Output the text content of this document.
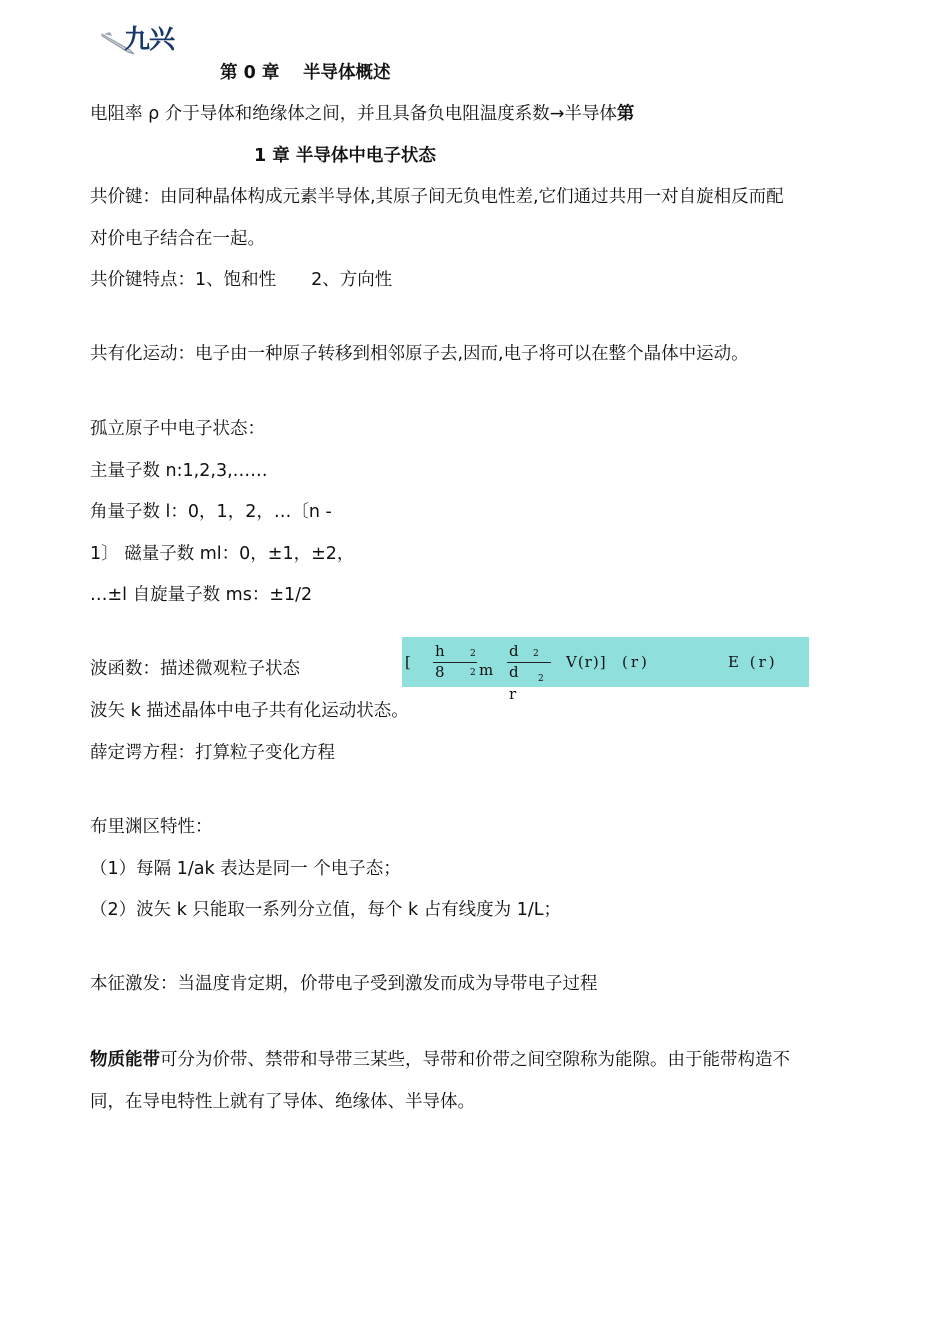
九兴
第 0 章　 半导体概述
电阻率 ρ 介于导体和绝缘体之间，并且具备负电阻温度系数→半导体第
1 章 半导体中电子状态
共价键：由同种晶体构成元素半导体,其原子间无负电性差,它们通过共用一对自旋相反而配
对价电子结合在一起。
共价键特点：1、饱和性　　2、方向性
共有化运动：电子由一种原子转移到相邻原子去,因而,电子将可以在整个晶体中运动。
孤立原子中电子状态：
主量子数 n:1,2,3,……
角量子数 l：0，1，2，…〔n -
1〕 磁量子数 ml：0，±1，±2，
…±l 自旋量子数 ms：±1/2
波函数：描述微观粒子状态	[
h	2
8	2 m
d 2
d 2
r
V(r)] (r)	E (r)
波矢 k 描述晶体中电子共有化运动状态。
薛定谔方程：打算粒子变化方程
布里渊区特性：
（1）每隔 1/ak 表达是同一 个电子态；
（2）波矢 k 只能取一系列分立值，每个 k 占有线度为 1/L；
本征激发：当温度肯定期，价带电子受到激发而成为导带电子过程
物质能带可分为价带、禁带和导带三某些，导带和价带之间空隙称为能隙。由于能带构造不
同，在导电特性上就有了导体、绝缘体、半导体。
